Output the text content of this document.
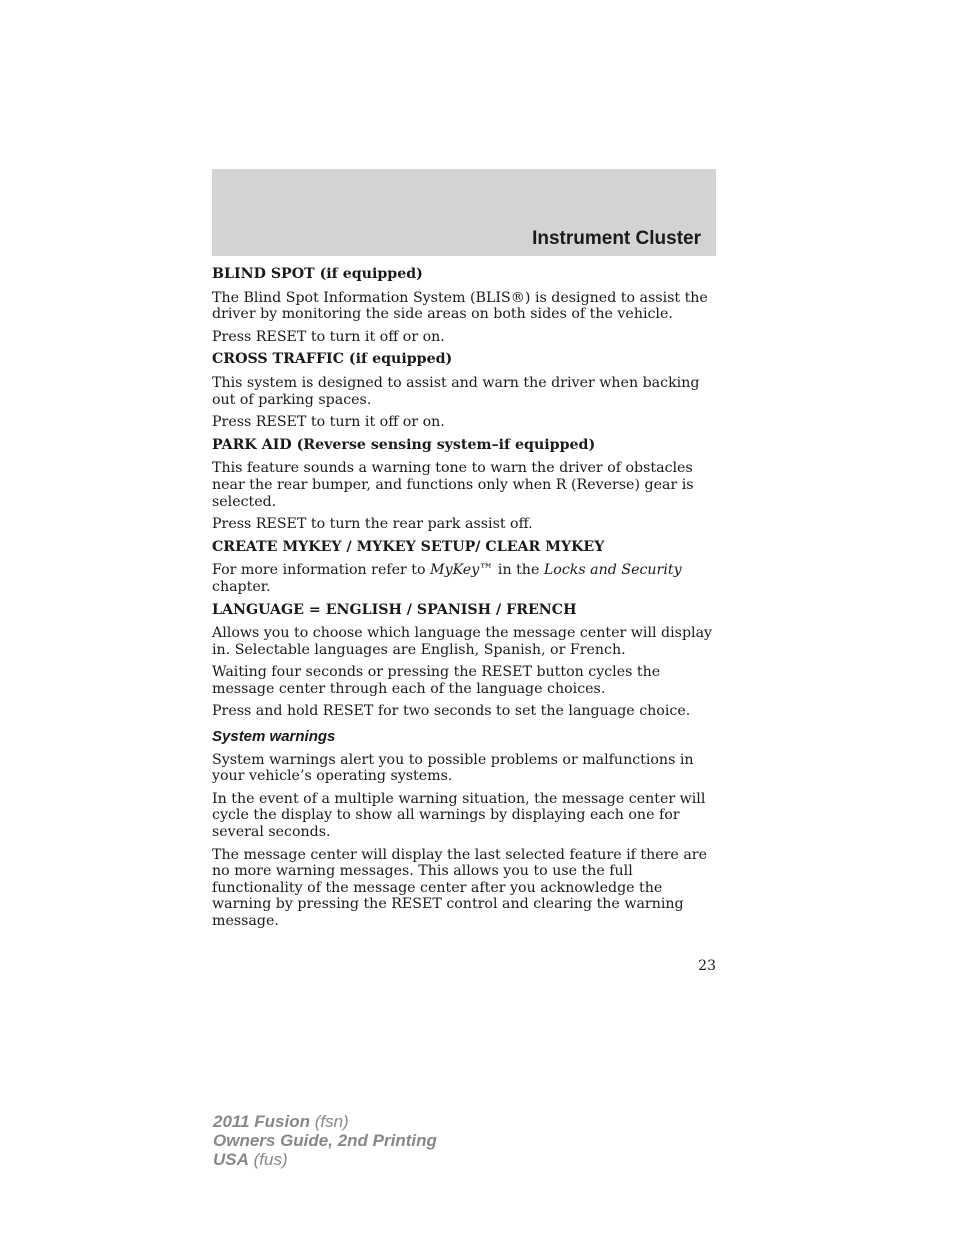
Instrument Cluster
BLIND SPOT (if equipped)
The Blind Spot Information System (BLIS®) is designed to assist the driver by monitoring the side areas on both sides of the vehicle.
Press RESET to turn it off or on.
CROSS TRAFFIC (if equipped)
This system is designed to assist and warn the driver when backing out of parking spaces.
Press RESET to turn it off or on.
PARK AID (Reverse sensing system–if equipped)
This feature sounds a warning tone to warn the driver of obstacles near the rear bumper, and functions only when R (Reverse) gear is selected.
Press RESET to turn the rear park assist off.
CREATE MYKEY / MYKEY SETUP/ CLEAR MYKEY
For more information refer to MyKey™ in the Locks and Security chapter.
LANGUAGE = ENGLISH / SPANISH / FRENCH
Allows you to choose which language the message center will display in. Selectable languages are English, Spanish, or French.
Waiting four seconds or pressing the RESET button cycles the message center through each of the language choices.
Press and hold RESET for two seconds to set the language choice.
System warnings
System warnings alert you to possible problems or malfunctions in your vehicle’s operating systems.
In the event of a multiple warning situation, the message center will cycle the display to show all warnings by displaying each one for several seconds.
The message center will display the last selected feature if there are no more warning messages. This allows you to use the full functionality of the message center after you acknowledge the warning by pressing the RESET control and clearing the warning message.
23
2011 Fusion (fsn)
Owners Guide, 2nd Printing
USA (fus)
